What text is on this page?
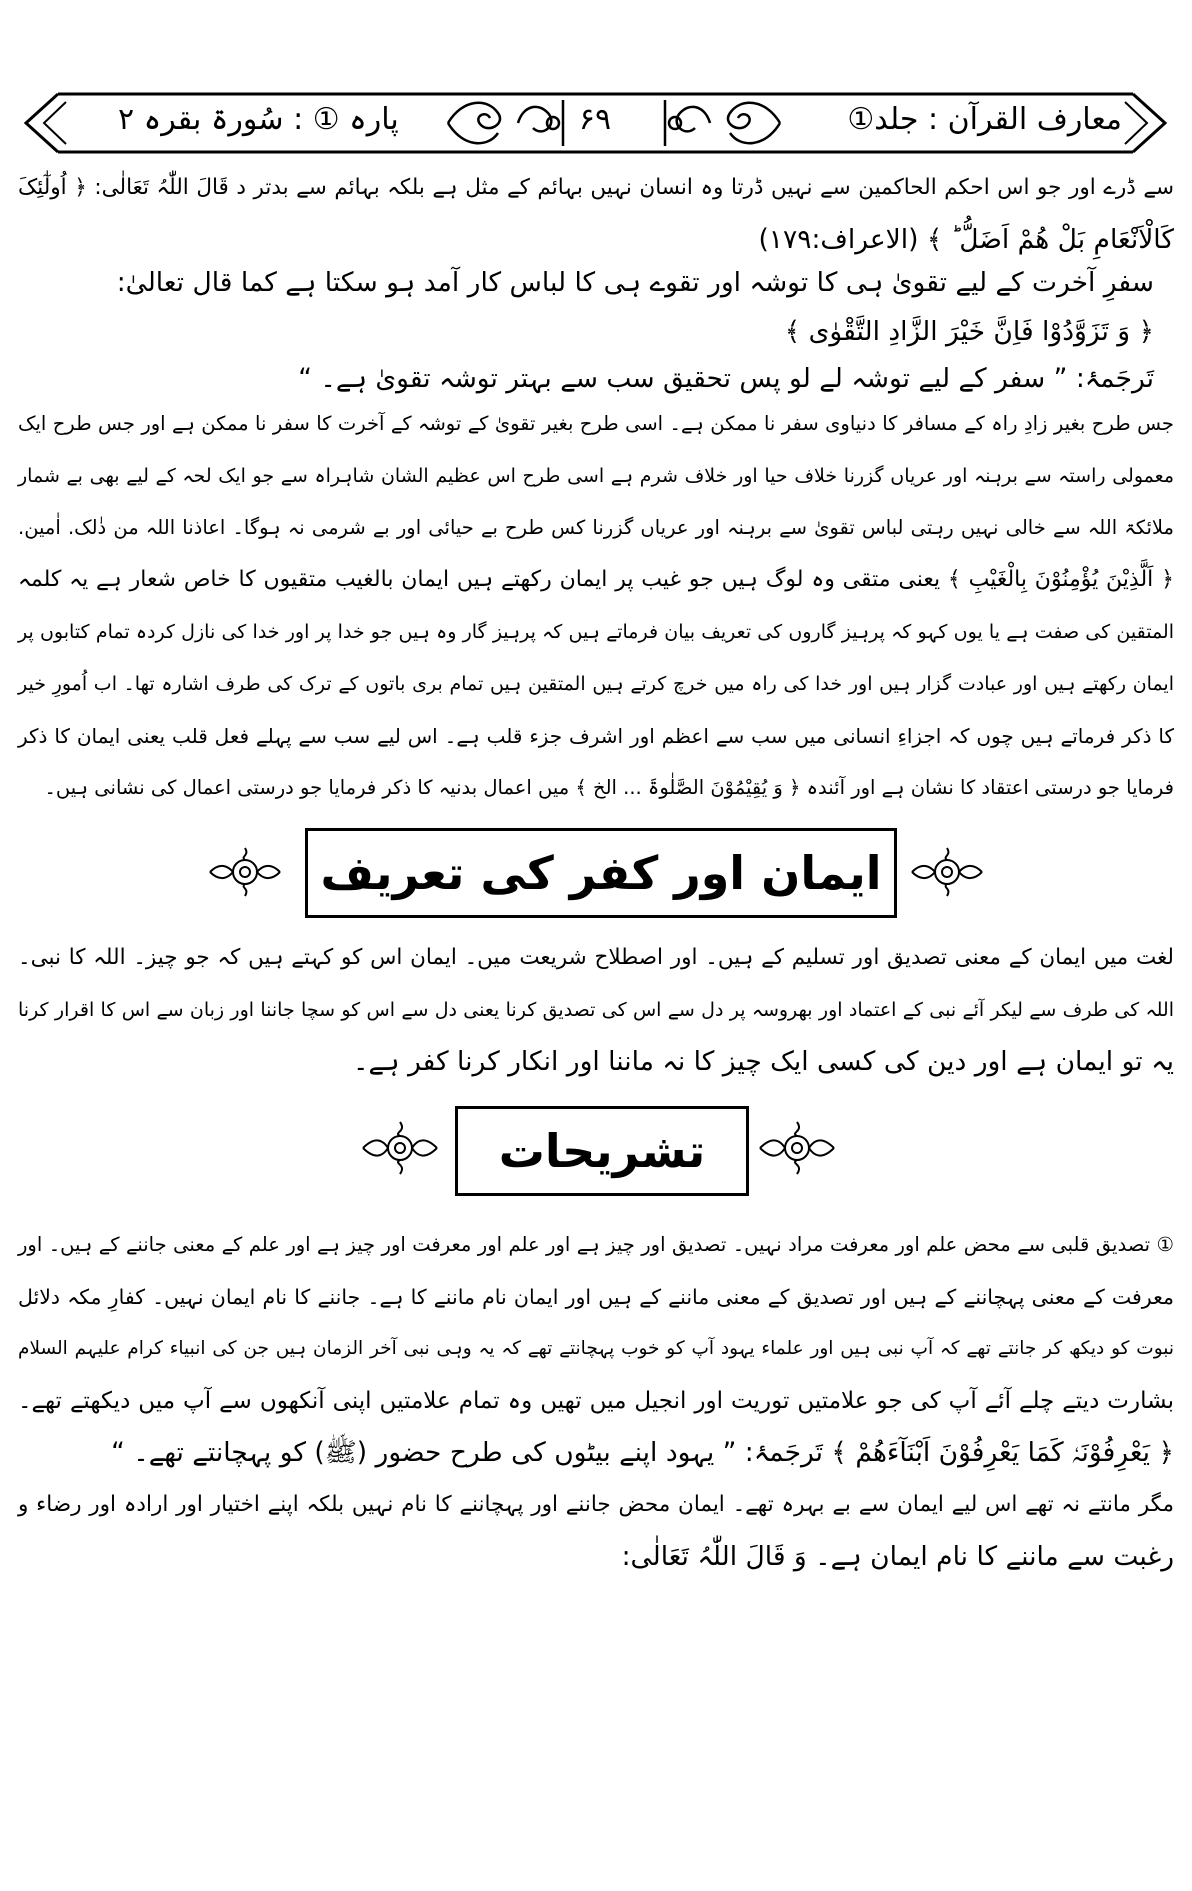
معارف القرآن : جلد①
۶۹
پارہ ① : سُورۃ بقرہ ۲
سے ڈرے اور جو اس احکم الحاکمین سے نہیں ڈرتا وہ انسان نہیں بہائم کے مثل ہے بلکہ بہائم سے بدتر د قَالَ اللّٰہُ تَعَالٰی: ﴿ اُولٰٓئِکَ
کَالْاَنْعَامِ بَلْ ھُمْ اَضَلُّ ؕ ﴾ (الاعراف:۱۷۹)
سفرِ آخرت کے لیے تقویٰ ہی کا توشہ اور تقوے ہی کا لباس کار آمد ہو سکتا ہے کما قال تعالیٰ:
﴿ وَ تَزَوَّدُوْا فَاِنَّ خَیْرَ الزَّادِ التَّقْوٰی ﴾
تَرجَمۂ: ” سفر کے لیے توشہ لے لو پس تحقیق سب سے بہتر توشہ تقویٰ ہے۔ “
جس طرح بغیر زادِ راہ کے مسافر کا دنیاوی سفر نا ممکن ہے۔ اسی طرح بغیر تقویٰ کے توشہ کے آخرت کا سفر نا ممکن ہے اور جس طرح ایک
معمولی راستہ سے برہنہ اور عریاں گزرنا خلاف حیا اور خلاف شرم ہے اسی طرح اس عظیم الشان شاہراہ سے جو ایک لحہ کے لیے بھی بے شمار
ملائکۃ اللہ سے خالی نہیں رہتی لباس تقویٰ سے برہنہ اور عریاں گزرنا کس طرح بے حیائی اور بے شرمی نہ ہوگا۔ اعاذنا اللہ من ذٰلک. اٰمین.
﴿ اَلَّذِیْنَ یُؤْمِنُوْنَ بِالْغَیْبِ ﴾ یعنی متقی وہ لوگ ہیں جو غیب پر ایمان رکھتے ہیں ایمان بالغیب متقیوں کا خاص شعار ہے یہ کلمہ
المتقین کی صفت ہے یا یوں کہو کہ پرہیز گاروں کی تعریف بیان فرماتے ہیں کہ پرہیز گار وہ ہیں جو خدا پر اور خدا کی نازل کردہ تمام کتابوں پر
ایمان رکھتے ہیں اور عبادت گزار ہیں اور خدا کی راہ میں خرچ کرتے ہیں المتقین ہیں تمام بری باتوں کے ترک کی طرف اشارہ تھا۔ اب اُمورِ خیر
کا ذکر فرماتے ہیں چوں کہ اجزاءِ انسانی میں سب سے اعظم اور اشرف جزء قلب ہے۔ اس لیے سب سے پہلے فعل قلب یعنی ایمان کا ذکر
فرمایا جو درستی اعتقاد کا نشان ہے اور آئندہ ﴿ وَ یُقِیْمُوْنَ الصَّلٰوۃَ ... الخ ﴾ میں اعمال بدنیہ کا ذکر فرمایا جو درستی اعمال کی نشانی ہیں۔
ایمان اور کفر کی تعریف
لغت میں ایمان کے معنی تصدیق اور تسلیم کے ہیں۔ اور اصطلاح شریعت میں۔ ایمان اس کو کہتے ہیں کہ جو چیز۔ اللہ کا نبی۔
اللہ کی طرف سے لیکر آئے نبی کے اعتماد اور بھروسہ پر دل سے اس کی تصدیق کرنا یعنی دل سے اس کو سچا جاننا اور زبان سے اس کا اقرار کرنا
یہ تو ایمان ہے اور دین کی کسی ایک چیز کا نہ ماننا اور انکار کرنا کفر ہے۔
تشریحات
① تصدیق قلبی سے محض علم اور معرفت مراد نہیں۔ تصدیق اور چیز ہے اور علم اور معرفت اور چیز ہے اور علم کے معنی جاننے کے ہیں۔ اور
معرفت کے معنی پہچاننے کے ہیں اور تصدیق کے معنی ماننے کے ہیں اور ایمان نام ماننے کا ہے۔ جاننے کا نام ایمان نہیں۔ کفارِ مکہ دلائل
نبوت کو دیکھ کر جانتے تھے کہ آپ نبی ہیں اور علماء یہود آپ کو خوب پہچانتے تھے کہ یہ وہی نبی آخر الزمان ہیں جن کی انبیاء کرام علیہم السلام
بشارت دیتے چلے آئے آپ کی جو علامتیں توریت اور انجیل میں تھیں وہ تمام علامتیں اپنی آنکھوں سے آپ میں دیکھتے تھے۔
﴿ یَعْرِفُوْنَہٗ کَمَا یَعْرِفُوْنَ اَبْنَآءَھُمْ ﴾ تَرجَمۂ: ” یہود اپنے بیٹوں کی طرح حضور (ﷺ) کو پہچانتے تھے۔ “
مگر مانتے نہ تھے اس لیے ایمان سے بے بہرہ تھے۔ ایمان محض جاننے اور پہچاننے کا نام نہیں بلکہ اپنے اختیار اور ارادہ اور رضاء و
رغبت سے ماننے کا نام ایمان ہے۔ وَ قَالَ اللّٰہُ تَعَالٰی:
